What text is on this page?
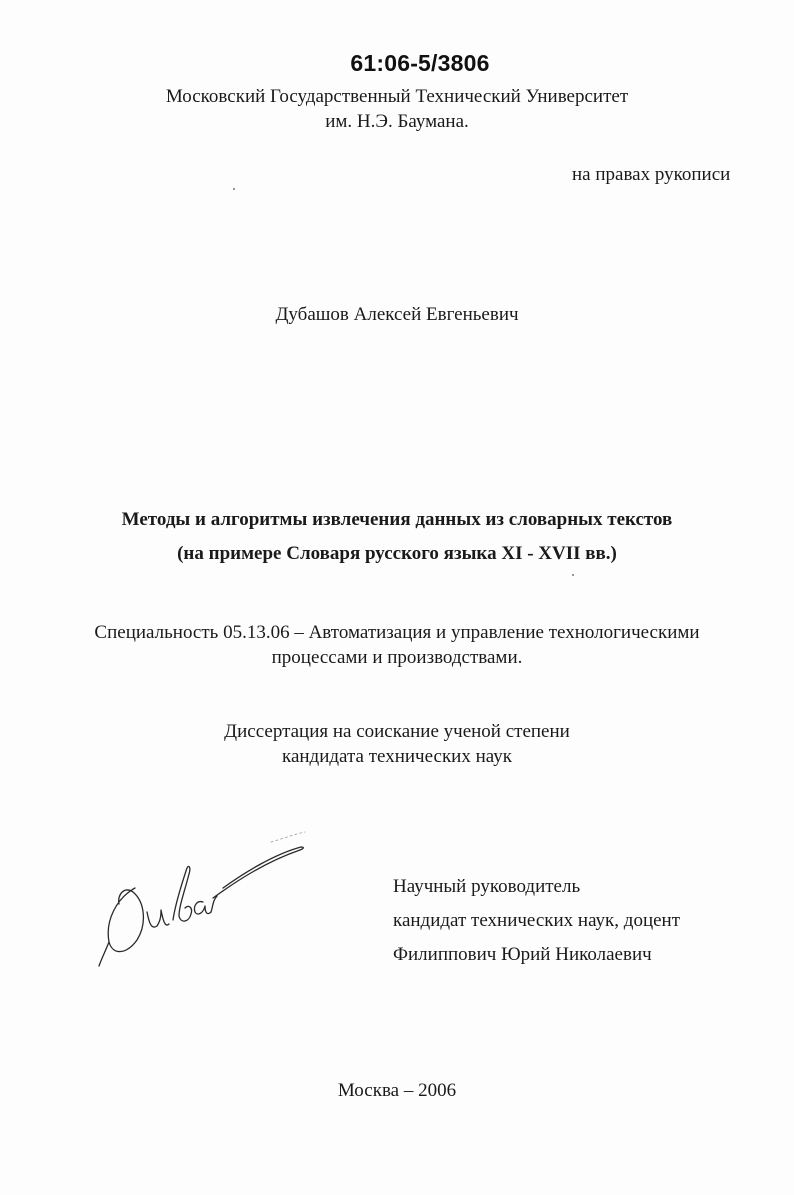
61:06-5/3806
Московский Государственный Технический Университет
им. Н.Э. Баумана.
на правах рукописи
Дубашов Алексей Евгеньевич
Методы и алгоритмы извлечения данных из словарных текстов
(на примере Словаря русского языка XI - XVII вв.)
Специальность 05.13.06 – Автоматизация и управление технологическими
процессами и производствами.
Диссертация на соискание ученой степени
кандидата технических наук
Научный руководитель
кандидат технических наук, доцент
Филиппович Юрий Николаевич
Москва – 2006
